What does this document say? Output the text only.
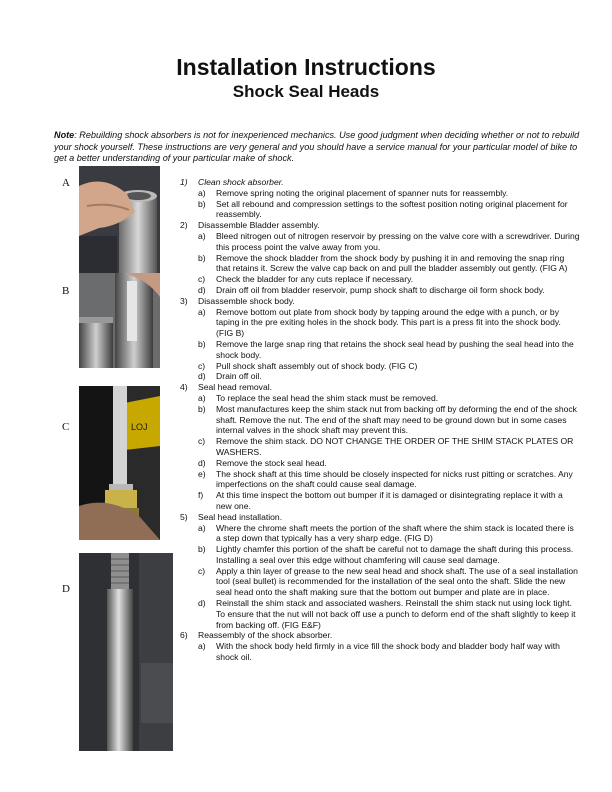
Installation Instructions
Shock Seal Heads
Note: Rebuilding shock absorbers is not for inexperienced mechanics. Use good judgment when deciding whether or not to rebuild your shock yourself. These instructions are very general and you should have a service manual for your particular model of bike to get a better understanding of your particular make of shock.
A
B
C
D
LOJ
1) Clean shock absorber.
a) Remove spring noting the original placement of spanner nuts for reassembly.
b) Set all rebound and compression settings to the softest position noting original placement for reassembly.
2) Disassemble Bladder assembly.
a) Bleed nitrogen out of nitrogen reservoir by pressing on the valve core with a screwdriver. During this process point the valve away from you.
b) Remove the shock bladder from the shock body by pushing it in and removing the snap ring that retains it. Screw the valve cap back on and pull the bladder assembly out gently. (FIG A)
c) Check the bladder for any cuts replace if necessary.
d) Drain off oil from bladder reservoir, pump shock shaft to discharge oil form shock body.
3) Disassemble shock body.
a) Remove bottom out plate from shock body by tapping around the edge with a punch, or by taping in the pre exiting holes in the shock body. This part is a press fit into the shock body. (FIG B)
b) Remove the large snap ring that retains the shock seal head by pushing the seal head into the shock body.
c) Pull shock shaft assembly out of shock body. (FIG C)
d) Drain off oil.
4) Seal head removal.
a) To replace the seal head the shim stack must be removed.
b) Most manufactures keep the shim stack nut from backing off by deforming the end of the shock shaft. Remove the nut. The end of the shaft may need to be ground down but in some cases internal valves in the shock shaft may prevent this.
c) Remove the shim stack. DO NOT CHANGE THE ORDER OF THE SHIM STACK PLATES OR WASHERS.
d) Remove the stock seal head.
e) The shock shaft at this time should be closely inspected for nicks rust pitting or scratches. Any imperfections on the shaft could cause seal damage.
f) At this time inspect the bottom out bumper if it is damaged or disintegrating replace it with a new one.
5) Seal head installation.
a) Where the chrome shaft meets the portion of the shaft where the shim stack is located there is a step down that typically has a very sharp edge. (FIG D)
b) Lightly chamfer this portion of the shaft be careful not to damage the shaft during this process. Installing a seal over this edge without chamfering will cause seal damage.
c) Apply a thin layer of grease to the new seal head and shock shaft. The use of a seal installation tool (seal bullet) is recommended for the installation of the seal onto the shaft. Slide the new seal head onto the shaft making sure that the bottom out bumper and plate are in place.
d) Reinstall the shim stack and associated washers. Reinstall the shim stack nut using lock tight. To ensure that the nut will not back off use a punch to deform end of the shaft slightly to keep it from backing off. (FIG E&F)
6) Reassembly of the shock absorber.
a) With the shock body held firmly in a vice fill the shock body and bladder body half way with shock oil.
